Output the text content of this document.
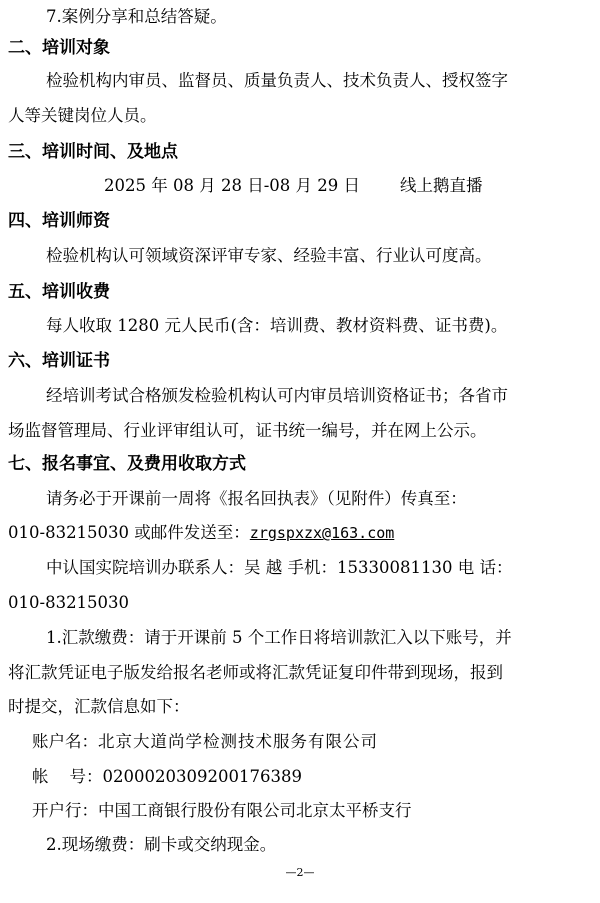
7.案例分享和总结答疑。
二、培训对象
检验机构内审员、监督员、质量负责人、技术负责人、授权签字
人等关键岗位人员。
三、培训时间、及地点
2025 年 08 月 28 日-08 月 29 日	线上鹅直播
四、培训师资
检验机构认可领域资深评审专家、经验丰富、行业认可度高。
五、培训收费
每人收取 1280 元人民币(含：培训费、教材资料费、证书费)。
六、培训证书
经培训考试合格颁发检验机构认可内审员培训资格证书；各省市
场监督管理局、行业评审组认可，证书统一编号，并在网上公示。
七、报名事宜、及费用收取方式
请务必于开课前一周将《报名回执表》（见附件）传真至：
010-83215030 或邮件发送至：zrgspxzx@163.com
中认国实院培训办联系人：吴 越 手机：15330081130 电 话：
010-83215030
1.汇款缴费：请于开课前 5 个工作日将培训款汇入以下账号，并
将汇款凭证电子版发给报名老师或将汇款凭证复印件带到现场，报到
时提交，汇款信息如下：
账户名：北京大道尚学检测技术服务有限公司
帐    号：0200020309200176389
开户行：中国工商银行股份有限公司北京太平桥支行
2.现场缴费：刷卡或交纳现金。
—2—
